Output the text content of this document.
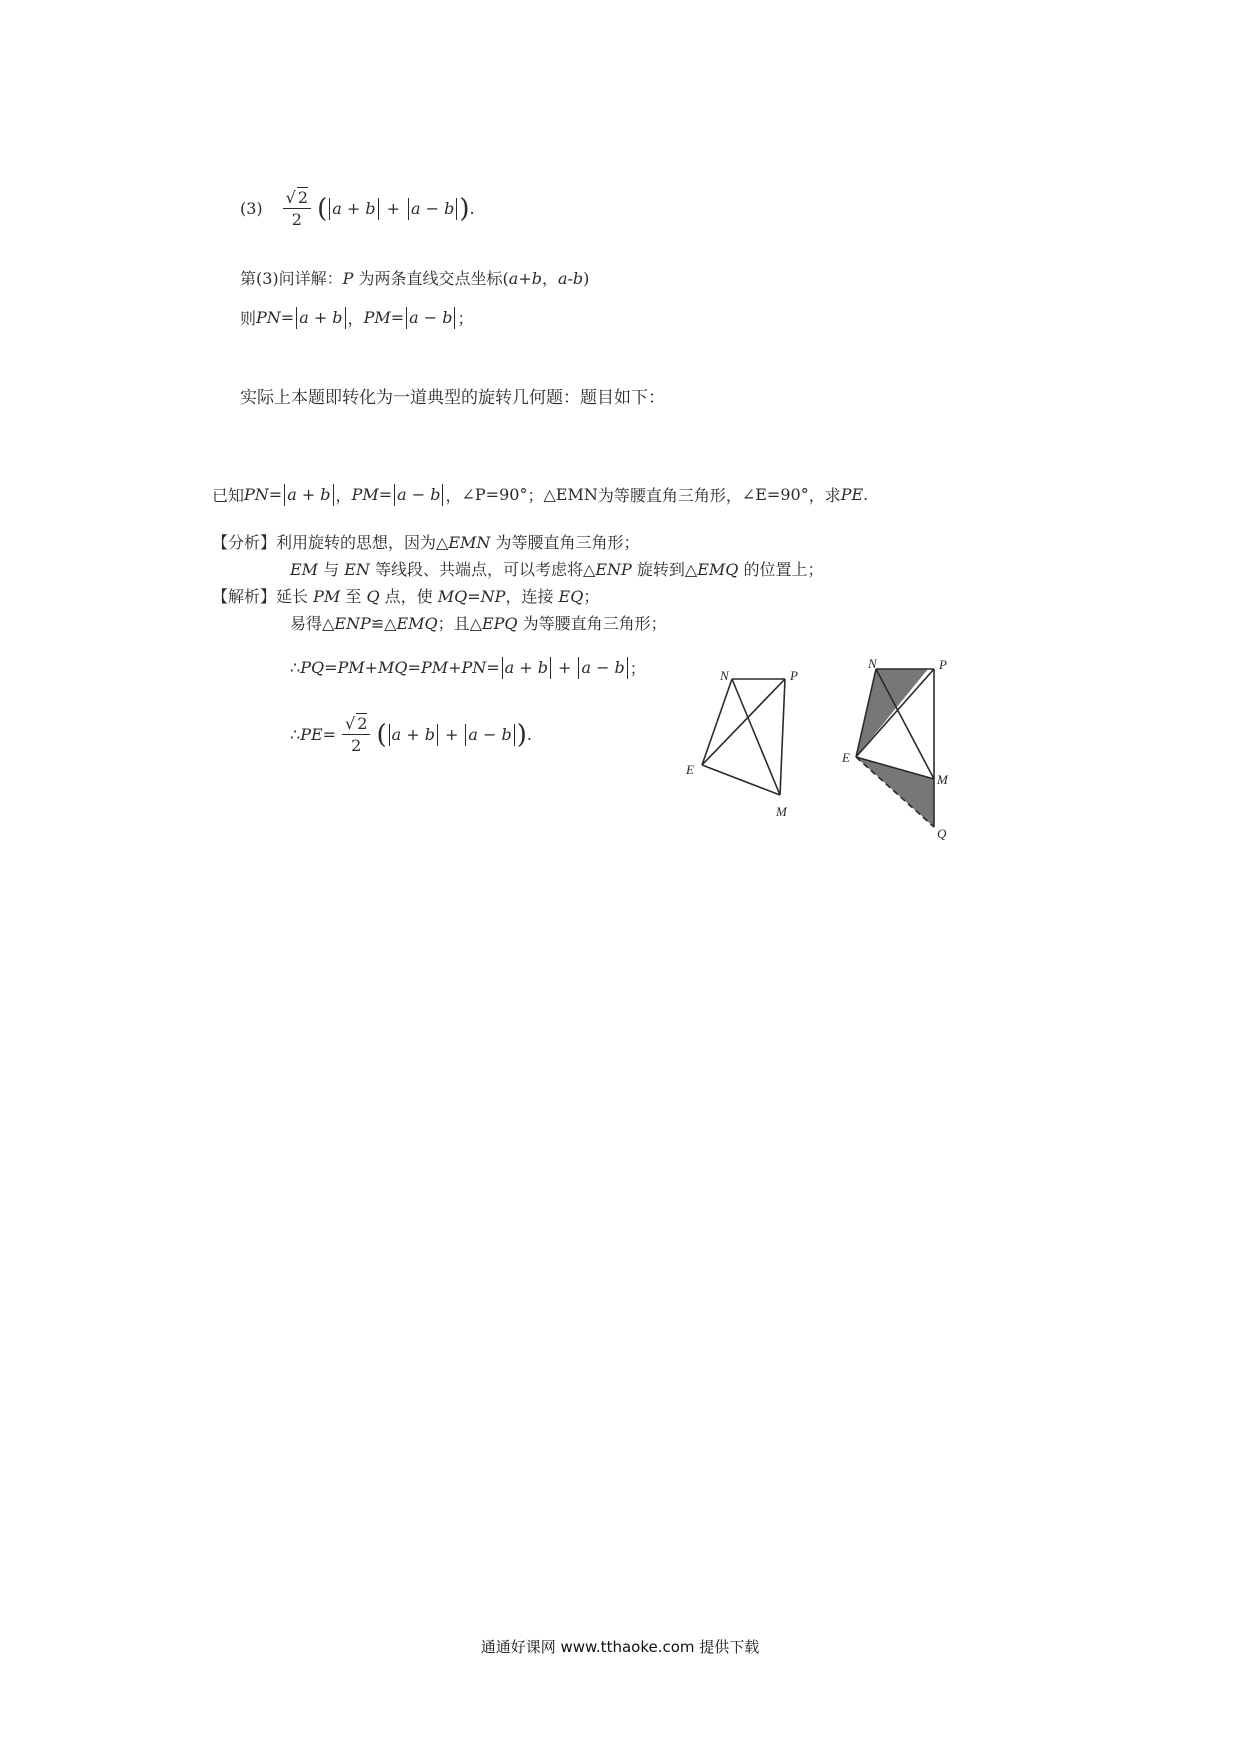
$(3) \frac{√ 2}{2}$ ( a + b + a − b ) .
第(3)问详解：P 为两条直线交点坐标(a+b，a-b)
则 PN= a + b ， PM= a − b ；
实际上本题即转化为一道典型的旋转几何题：题目如下：
已知 PN= a + b ， PM= a − b ， ∠P=90° ； △EMN 为等腰直角三角形， ∠E=90° ，求 PE.
【分析】利用旋转的思想，因为△EMN 为等腰直角三角形；
EM 与 EN 等线段、共端点，可以考虑将△ENP 旋转到△EMQ 的位置上；
【解析】延长 PM 至 Q 点，使 MQ=NP，连接 EQ；
易得△ENP≌△EMQ；且△EPQ 为等腰直角三角形；
∴ PQ=PM+MQ=PM+PN= a + b + a − b ；
∴ $PE= \frac{√ 2}{2}$ ( a + b + a − b ) .
N	P
E
M
N	P
E
M
Q
通通好课网 www.tthaoke.com 提供下载
